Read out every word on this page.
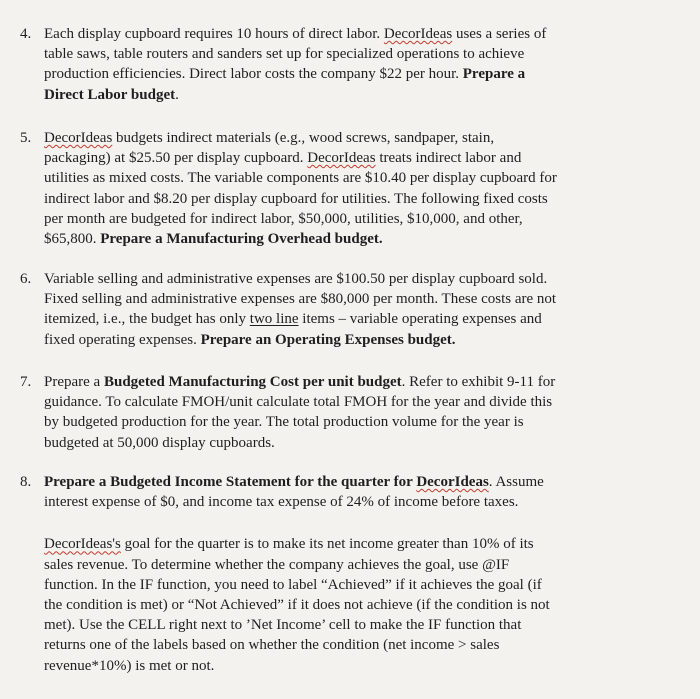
4. Each display cupboard requires 10 hours of direct labor. DecorIdeas uses a series of
table saws, table routers and sanders set up for specialized operations to achieve
production efficiencies. Direct labor costs the company $22 per hour. Prepare a
Direct Labor budget.
5. DecorIdeas budgets indirect materials (e.g., wood screws, sandpaper, stain,
packaging) at $25.50 per display cupboard. DecorIdeas treats indirect labor and
utilities as mixed costs. The variable components are $10.40 per display cupboard for
indirect labor and $8.20 per display cupboard for utilities. The following fixed costs
per month are budgeted for indirect labor, $50,000, utilities, $10,000, and other,
$65,800. Prepare a Manufacturing Overhead budget.
6. Variable selling and administrative expenses are $100.50 per display cupboard sold.
Fixed selling and administrative expenses are $80,000 per month. These costs are not
itemized, i.e., the budget has only two line items – variable operating expenses and
fixed operating expenses. Prepare an Operating Expenses budget.
7. Prepare a Budgeted Manufacturing Cost per unit budget. Refer to exhibit 9-11 for
guidance. To calculate FMOH/unit calculate total FMOH for the year and divide this
by budgeted production for the year. The total production volume for the year is
budgeted at 50,000 display cupboards.
8. Prepare a Budgeted Income Statement for the quarter for DecorIdeas. Assume
interest expense of $0, and income tax expense of 24% of income before taxes.
DecorIdeas's goal for the quarter is to make its net income greater than 10% of its
sales revenue. To determine whether the company achieves the goal, use @IF
function. In the IF function, you need to label “Achieved” if it achieves the goal (if
the condition is met) or “Not Achieved” if it does not achieve (if the condition is not
met). Use the CELL right next to ’Net Income’ cell to make the IF function that
returns one of the labels based on whether the condition (net income > sales
revenue*10%) is met or not.
